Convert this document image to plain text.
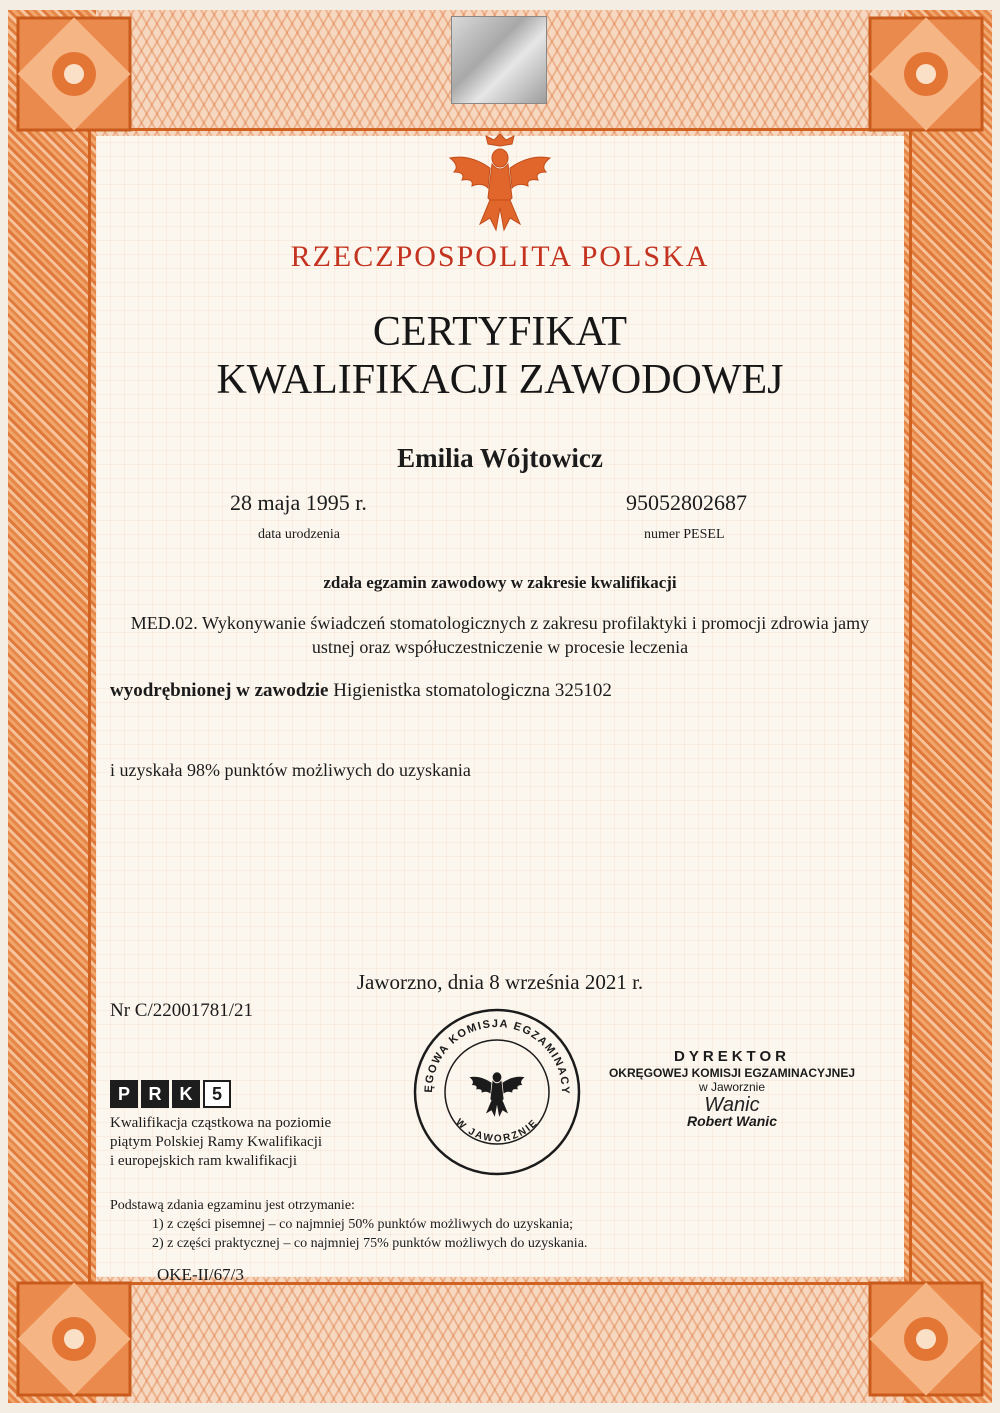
RZECZPOSPOLITA POLSKA
CERTYFIKAT
KWALIFIKACJI ZAWODOWEJ
Emilia Wójtowicz
28 maja 1995 r.
data urodzenia
95052802687
numer PESEL
zdała egzamin zawodowy w zakresie kwalifikacji
MED.02. Wykonywanie świadczeń stomatologicznych z zakresu profilaktyki i promocji zdrowia jamy
ustnej oraz współuczestniczenie w procesie leczenia
wyodrębnionej w zawodzie Higienistka stomatologiczna 325102
i uzyskała 98% punktów możliwych do uzyskania
Jaworzno, dnia 8 września 2021 r.
Nr C/22001781/21
ĘGOWA KOMISJA EGZAMINACY
W JAWORZNIE
DYREKTOR
OKRĘGOWEJ KOMISJI EGZAMINACYJNEJ
w Jaworznie
Wanic
Robert Wanic
P	R	K	5
Kwalifikacja cząstkowa na poziomie
piątym Polskiej Ramy Kwalifikacji
i europejskich ram kwalifikacji
Podstawą zdania egzaminu jest otrzymanie:
1) z części pisemnej – co najmniej 50% punktów możliwych do uzyskania;
2) z części praktycznej – co najmniej 75% punktów możliwych do uzyskania.
OKE-II/67/3
